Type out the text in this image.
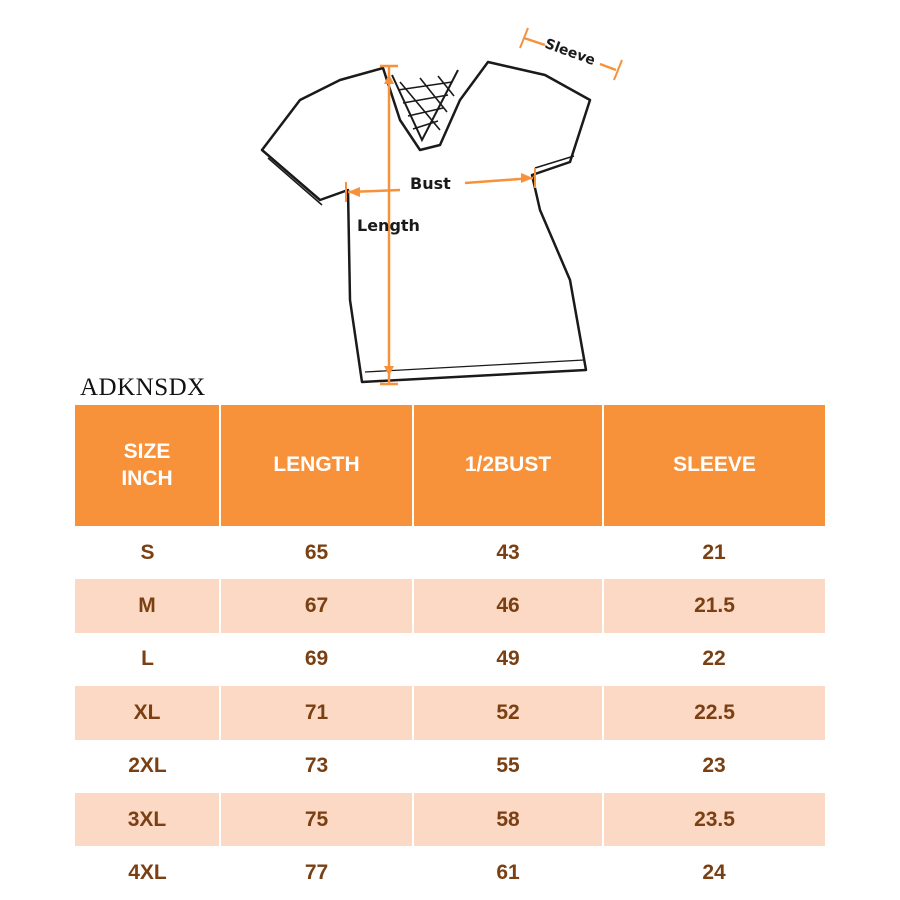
Sleeve
Bust
Length
ADKNSDX
SIZE
INCH	LENGTH	1/2BUST	SLEEVE
S	65	43	21
M	67	46	21.5
L	69	49	22
XL	71	52	22.5
2XL	73	55	23
3XL	75	58	23.5
4XL	77	61	24
